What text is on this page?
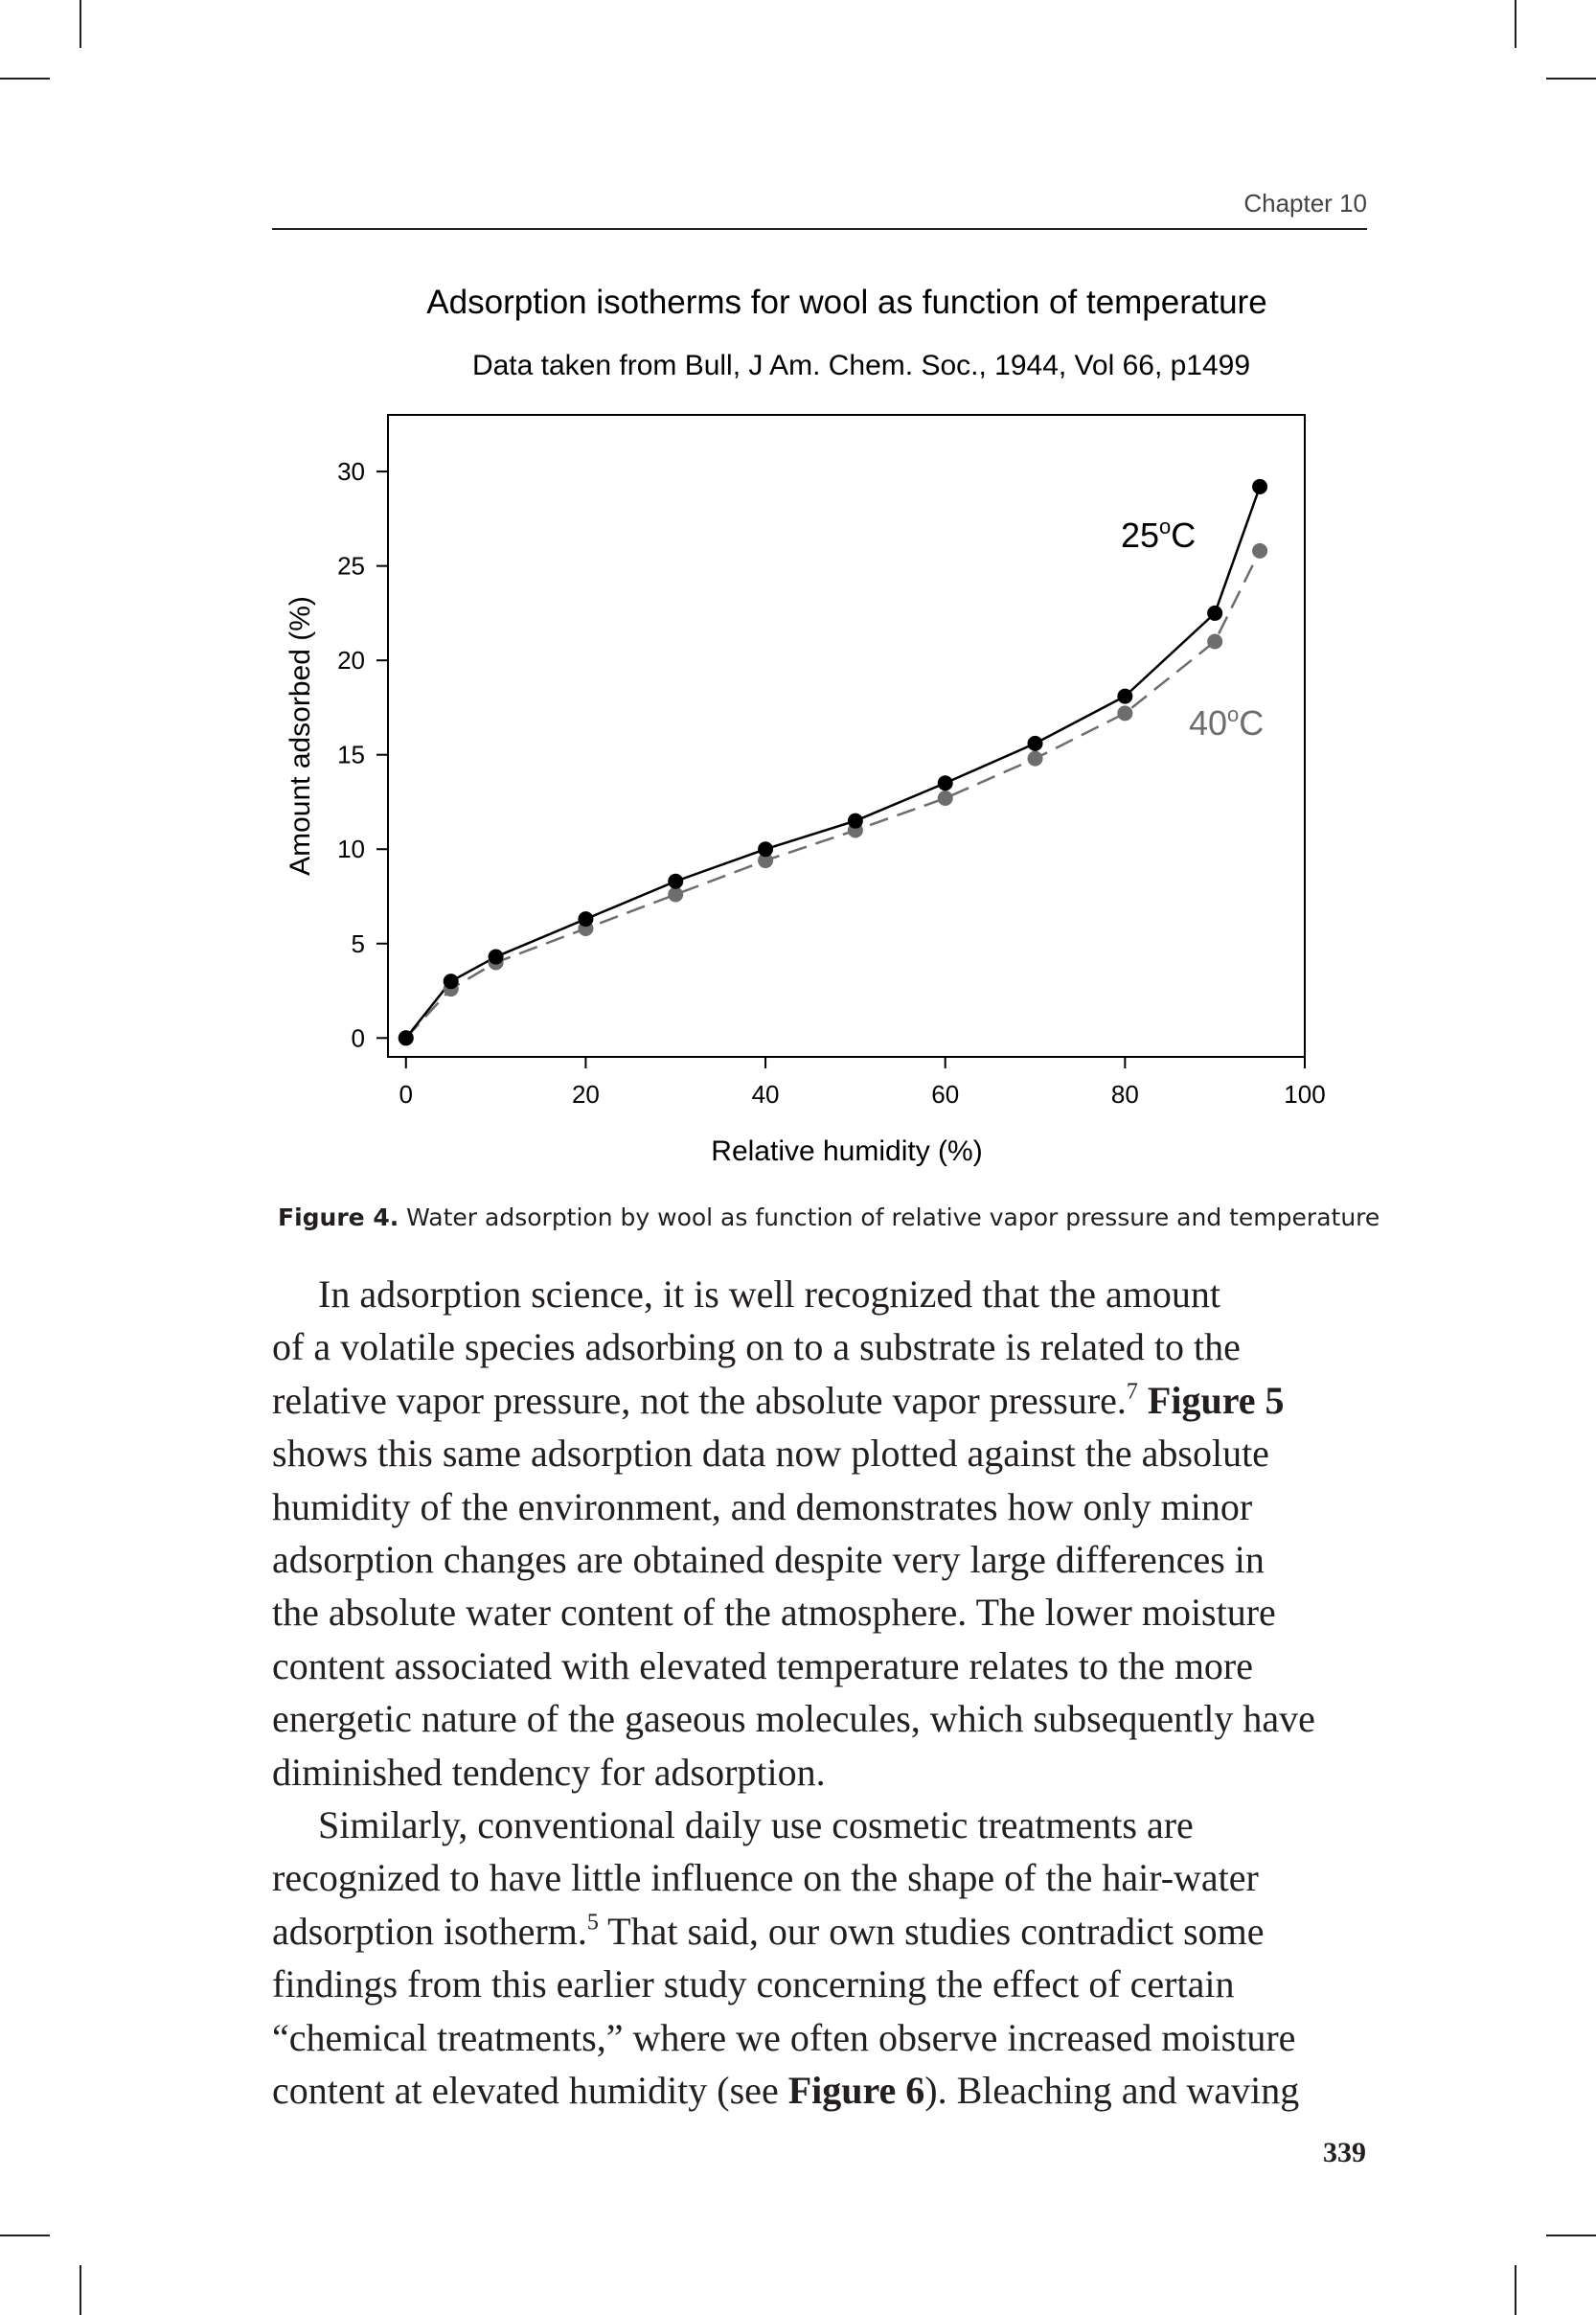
Chapter 10
Adsorption isotherms for wool as function of temperature
Data taken from Bull, J Am. Chem. Soc., 1944, Vol 66, p1499
0	20	40	60	80	100
0
5
10
15
20
25
30
25$^o$C
40$^o$C
Relative humidity (%)
Amount adsorbed (%)
Figure 4. Water adsorption by wool as function of relative vapor pressure and temperature

In adsorption science, it is well recognized that the amount
of a volatile species adsorbing on to a substrate is related to the
relative vapor pressure, not the absolute vapor pressure.$^7$ Figure 5
shows this same adsorption data now plotted against the absolute
humidity of the environment, and demonstrates how only minor
adsorption changes are obtained despite very large differences in
the absolute water content of the atmosphere. The lower moisture
content associated with elevated temperature relates to the more
energetic nature of the gaseous molecules, which subsequently have
diminished tendency for adsorption.

Similarly, conventional daily use cosmetic treatments are
recognized to have little influence on the shape of the hair-water
adsorption isotherm.$^5$ That said, our own studies contradict some
findings from this earlier study concerning the effect of certain
“chemical treatments,” where we often observe increased moisture
content at elevated humidity (see Figure 6). Bleaching and waving

339
